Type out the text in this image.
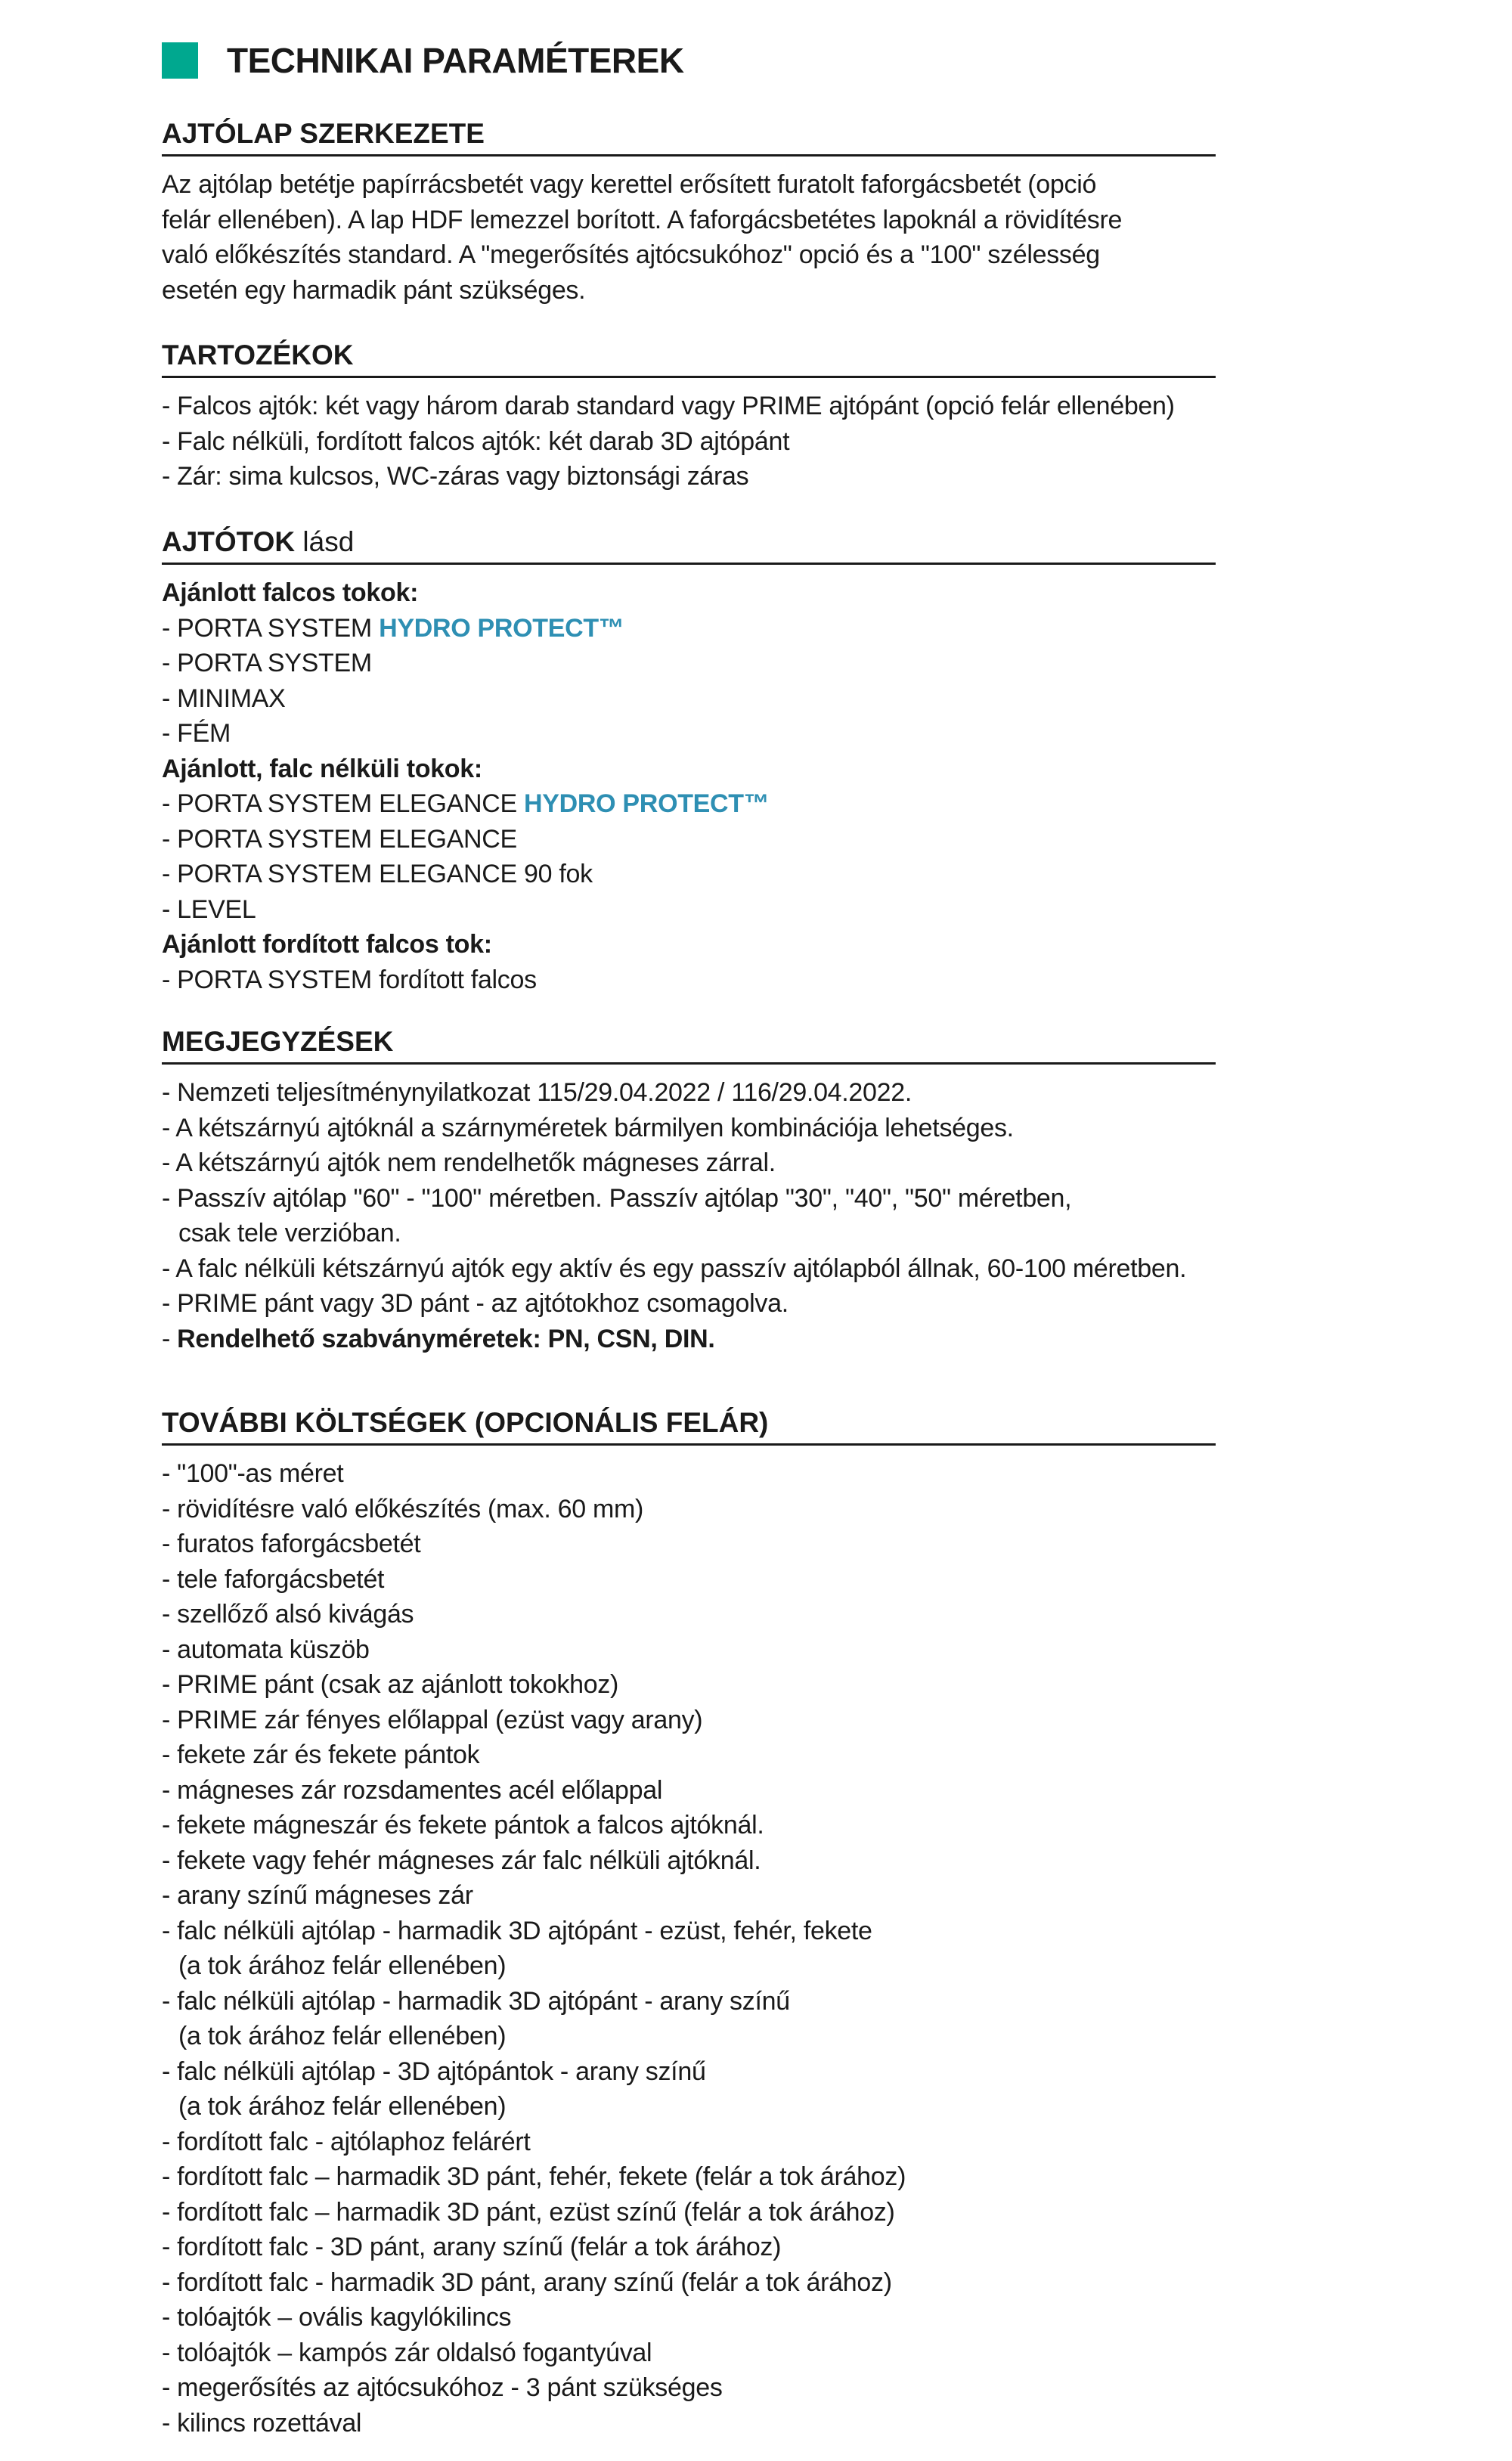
TECHNIKAI PARAMÉTEREK
AJTÓLAP SZERKEZETE
Az ajtólap betétje papírrácsbetét vagy kerettel erősített furatolt faforgácsbetét (opció
felár ellenében). A lap HDF lemezzel borított. A faforgácsbetétes lapoknál a rövidítésre
való előkészítés standard. A "megerősítés ajtócsukóhoz" opció és a "100" szélesség
esetén egy harmadik pánt szükséges.
TARTOZÉKOK
- Falcos ajtók: két vagy három darab standard vagy PRIME ajtópánt (opció felár ellenében)
- Falc nélküli, fordított falcos ajtók: két darab 3D ajtópánt
- Zár: sima kulcsos, WC-záras vagy biztonsági záras
AJTÓTOK lásd
Ajánlott falcos tokok:
- PORTA SYSTEM HYDRO PROTECT™
- PORTA SYSTEM
- MINIMAX
- FÉM
Ajánlott, falc nélküli tokok:
- PORTA SYSTEM ELEGANCE HYDRO PROTECT™
- PORTA SYSTEM ELEGANCE
- PORTA SYSTEM ELEGANCE 90 fok
- LEVEL
Ajánlott fordított falcos tok:
- PORTA SYSTEM fordított falcos
MEGJEGYZÉSEK
- Nemzeti teljesítménynyilatkozat 115/29.04.2022 / 116/29.04.2022.
- A kétszárnyú ajtóknál a szárnyméretek bármilyen kombinációja lehetséges.
- A kétszárnyú ajtók nem rendelhetők mágneses zárral.
- Passzív ajtólap "60" - "100" méretben. Passzív ajtólap "30", "40", "50" méretben,
csak tele verzióban.
- A falc nélküli kétszárnyú ajtók egy aktív és egy passzív ajtólapból állnak, 60-100 méretben.
- PRIME pánt vagy 3D pánt - az ajtótokhoz csomagolva.
- Rendelhető szabványméretek: PN, CSN, DIN.
TOVÁBBI KÖLTSÉGEK (OPCIONÁLIS FELÁR)
- "100"-as méret
- rövidítésre való előkészítés (max. 60 mm)
- furatos faforgácsbetét
- tele faforgácsbetét
- szellőző alsó kivágás
- automata küszöb
- PRIME pánt (csak az ajánlott tokokhoz)
- PRIME zár fényes előlappal (ezüst vagy arany)
- fekete zár és fekete pántok
- mágneses zár rozsdamentes acél előlappal
- fekete mágneszár és fekete pántok a falcos ajtóknál.
- fekete vagy fehér mágneses zár falc nélküli ajtóknál.
- arany színű mágneses zár
- falc nélküli ajtólap - harmadik 3D ajtópánt - ezüst, fehér, fekete
(a tok árához felár ellenében)
- falc nélküli ajtólap - harmadik 3D ajtópánt - arany színű
(a tok árához felár ellenében)
- falc nélküli ajtólap - 3D ajtópántok - arany színű
(a tok árához felár ellenében)
- fordított falc - ajtólaphoz felárért
- fordított falc – harmadik 3D pánt, fehér, fekete (felár a tok árához)
- fordított falc – harmadik 3D pánt, ezüst színű (felár a tok árához)
- fordított falc - 3D pánt, arany színű (felár a tok árához)
- fordított falc - harmadik 3D pánt, arany színű (felár a tok árához)
- tolóajtók – ovális kagylókilincs
- tolóajtók – kampós zár oldalsó fogantyúval
- megerősítés az ajtócsukóhoz - 3 pánt szükséges
- kilincs rozettával
